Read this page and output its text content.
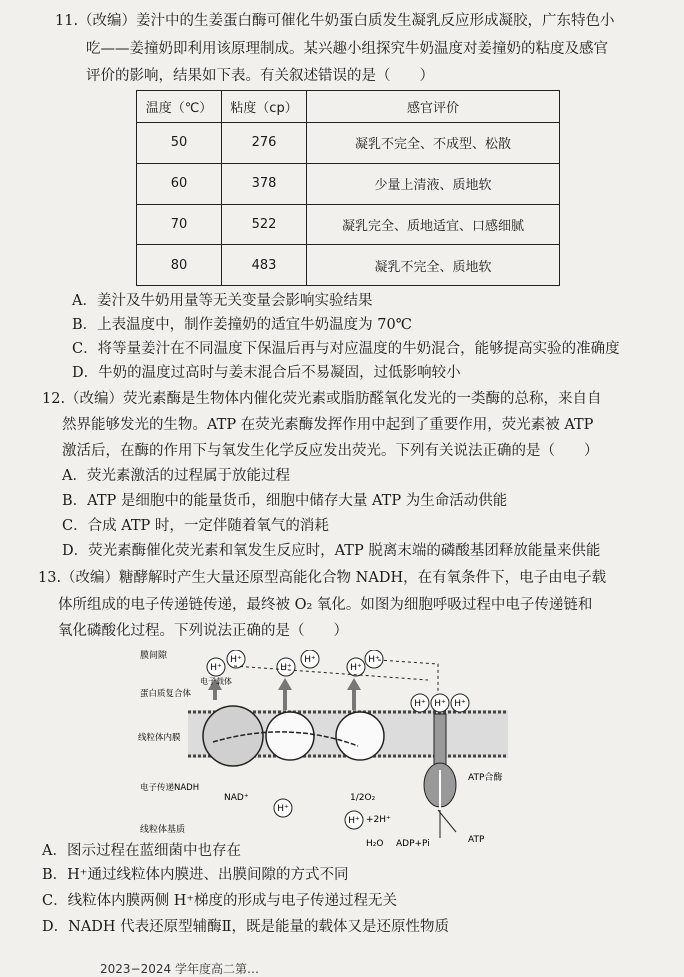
11.（改编）姜汁中的生姜蛋白酶可催化牛奶蛋白质发生凝乳反应形成凝胶，广东特色小
吃——姜撞奶即利用该原理制成。某兴趣小组探究牛奶温度对姜撞奶的粘度及感官
评价的影响，结果如下表。有关叙述错误的是（　　）
温度（℃）	粘度（cp）	感官评价
50	276	凝乳不完全、不成型、松散
60	378	少量上清液、质地软
70	522	凝乳完全、质地适宜、口感细腻
80	483	凝乳不完全、质地软
A．姜汁及牛奶用量等无关变量会影响实验结果
B．上表温度中，制作姜撞奶的适宜牛奶温度为 70℃
C．将等量姜汁在不同温度下保温后再与对应温度的牛奶混合，能够提高实验的准确度
D．牛奶的温度过高时与姜末混合后不易凝固，过低影响较小
12.（改编）荧光素酶是生物体内催化荧光素或脂肪醛氧化发光的一类酶的总称，来自自
然界能够发光的生物。ATP 在荧光素酶发挥作用中起到了重要作用，荧光素被 ATP
激活后，在酶的作用下与氧发生化学反应发出荧光。下列有关说法正确的是（　　）
A．荧光素激活的过程属于放能过程
B．ATP 是细胞中的能量货币，细胞中储存大量 ATP 为生命活动供能
C．合成 ATP 时，一定伴随着氧气的消耗
D．荧光素酶催化荧光素和氧发生反应时，ATP 脱离末端的磷酸基团释放能量来供能
13.（改编）糖酵解时产生大量还原型高能化合物 NADH，在有氧条件下，电子由电子载
体所组成的电子传递链传递，最终被 O₂ 氧化。如图为细胞呼吸过程中电子传递链和
氧化磷酸化过程。下列说法正确的是（　　）
H⁺
H⁺
H⁺
H⁺
H⁺
H⁺
H⁺ H⁺ H⁺
H⁺
H⁺
膜间隙
电子载体
蛋白质复合体
线粒体内膜
电子传递NADH
NAD⁺
线粒体基质
1/2O₂
+2H⁺
H₂O ADP+Pi
ATP合酶
ATP
A．图示过程在蓝细菌中也存在
B．H⁺通过线粒体内膜进、出膜间隙的方式不同
C．线粒体内膜两侧 H⁺梯度的形成与电子传递过程无关
D．NADH 代表还原型辅酶Ⅱ，既是能量的载体又是还原性物质
2023−2024 学年度高二第…
